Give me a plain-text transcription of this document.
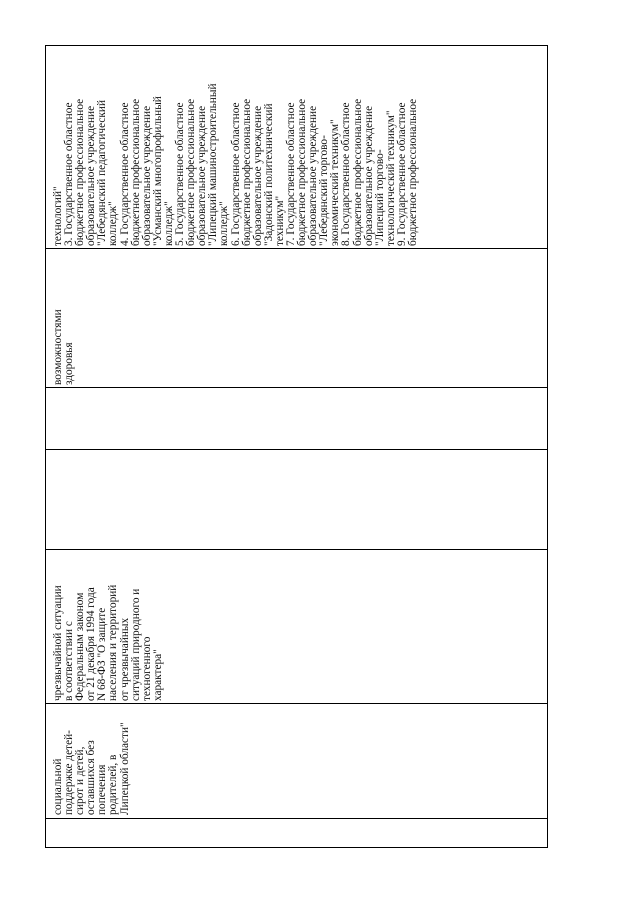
социальной
поддержке детей-
сирот и детей,
оставшихся без
попечения
родителей, в
Липецкой области"
чрезвычайной ситуации
в соответствии с
Федеральным законом
от 21 декабря 1994 года
N 68-ФЗ "О защите
населения и территорий
от чрезвычайных
ситуаций природного и
техногенного
характера"
возможностями
здоровья
технологий"
3. Государственное областное
бюджетное профессиональное
образовательное учреждение
"Лебедянский педагогический
колледж"
4. Государственное областное
бюджетное профессиональное
образовательное учреждение
"Усманский многопрофильный
колледж"
5. Государственное областное
бюджетное профессиональное
образовательное учреждение
"Липецкий машиностроительный
колледж"
6. Государственное областное
бюджетное профессиональное
образовательное учреждение
"Задонский политехнический
техникум"
7. Государственное областное
бюджетное профессиональное
образовательное учреждение
"Лебедянский торгово-
экономический техникум"
8. Государственное областное
бюджетное профессиональное
образовательное учреждение
"Липецкий торгово-
технологический техникум"
9. Государственное областное
бюджетное профессиональное
